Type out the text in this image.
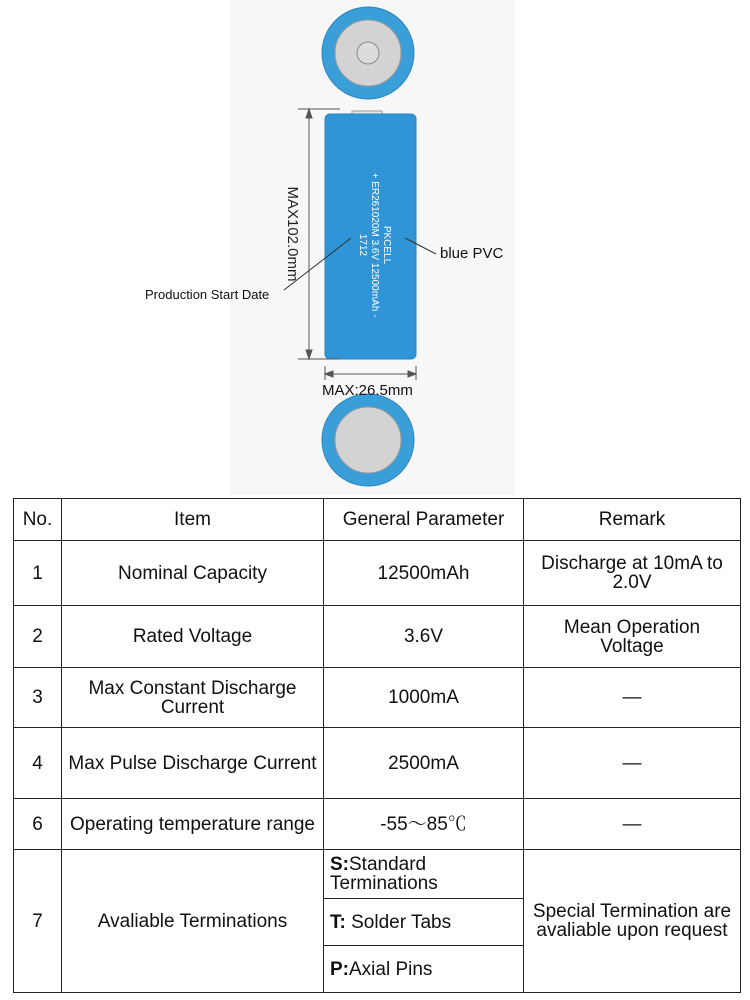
PKCELL
+ ER261020M 3.6V 12500mAh -
1712
MAX102.0mm
MAX:26.5mm
blue PVC
Production Start Date
No.	Item	General Parameter	Remark
1	Nominal Capacity	12500mAh	Discharge at 10mA to 2.0V
2	Rated Voltage	3.6V	Mean Operation Voltage
3	Max Constant Discharge Current	1000mA	—
4	Max Pulse Discharge Current	2500mA	—
6	Operating temperature range	-55～85℃	—
7	Avaliable Terminations	S:Standard Terminations	Special Termination are avaliable upon request
		T: Solder Tabs	
		P:Axial Pins	
